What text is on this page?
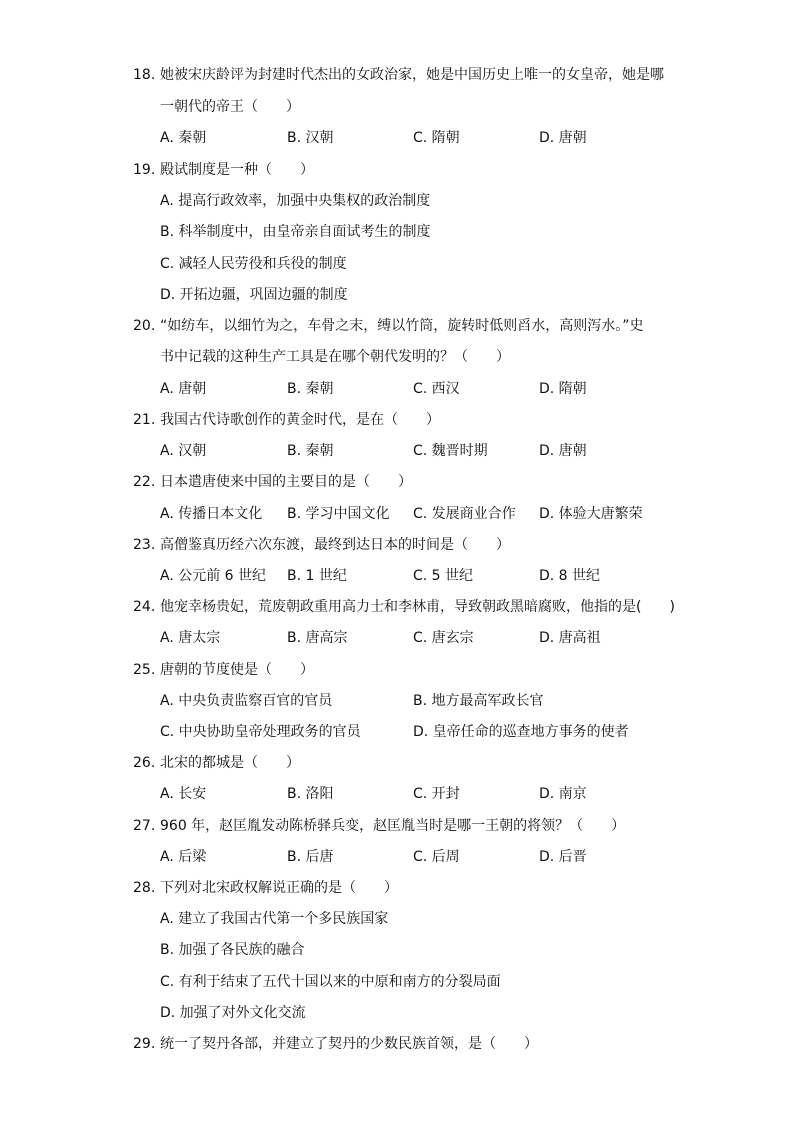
18. 她被宋庆龄评为封建时代杰出的女政治家，她是中国历史上唯一的女皇帝，她是哪
一朝代的帝王（　　）
A. 秦朝	B. 汉朝	C. 隋朝	D. 唐朝
19. 殿试制度是一种（　　）
A. 提高行政效率，加强中央集权的政治制度
B. 科举制度中，由皇帝亲自面试考生的制度
C. 减轻人民劳役和兵役的制度
D. 开拓边疆，巩固边疆的制度
20. “如纺车，以细竹为之，车骨之末，缚以竹筒，旋转时低则舀水，高则泻水。”史
书中记载的这种生产工具是在哪个朝代发明的？（　　）
A. 唐朝	B. 秦朝	C. 西汉	D. 隋朝
21. 我国古代诗歌创作的黄金时代，是在（　　）
A. 汉朝	B. 秦朝	C. 魏晋时期	D. 唐朝
22. 日本遣唐使来中国的主要目的是（　　）
A. 传播日本文化 B. 学习中国文化 C. 发展商业合作 D. 体验大唐繁荣
23. 高僧鉴真历经六次东渡，最终到达日本的时间是（　　）
A. 公元前 6 世纪 B. 1 世纪	C. 5 世纪	D. 8 世纪
24. 他宠幸杨贵妃，荒废朝政重用高力士和李林甫，导致朝政黑暗腐败，他指的是(　　)
A. 唐太宗	B. 唐高宗	C. 唐玄宗	D. 唐高祖
25. 唐朝的节度使是（　　）
A. 中央负责监察百官的官员	B. 地方最高军政长官
C. 中央协助皇帝处理政务的官员	D. 皇帝任命的巡查地方事务的使者
26. 北宋的都城是（　　）
A. 长安	B. 洛阳	C. 开封	D. 南京
27. 960 年，赵匡胤发动陈桥驿兵变，赵匡胤当时是哪一王朝的将领？（　　）
A. 后梁	B. 后唐	C. 后周	D. 后晋
28. 下列对北宋政权解说正确的是（　　）
A. 建立了我国古代第一个多民族国家
B. 加强了各民族的融合
C. 有利于结束了五代十国以来的中原和南方的分裂局面
D. 加强了对外文化交流
29. 统一了契丹各部，并建立了契丹的少数民族首领，是（　　）
